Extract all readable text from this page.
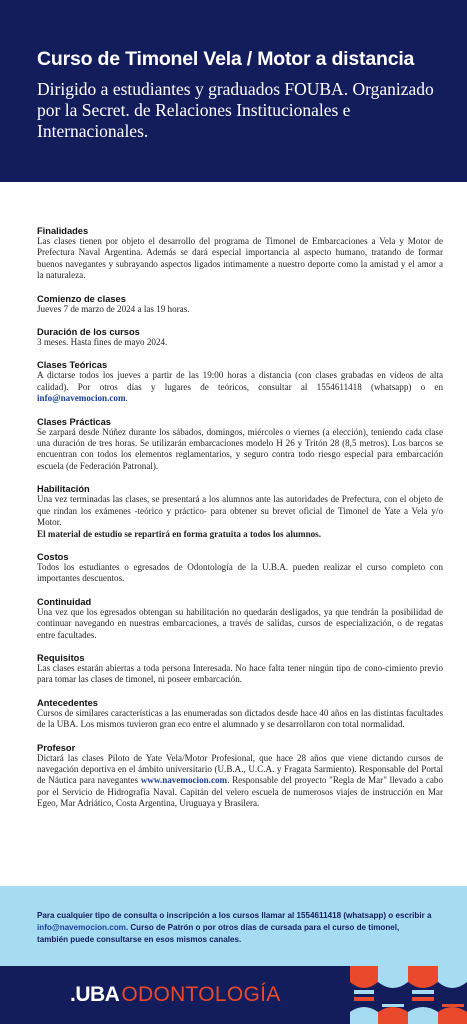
Curso de Timonel Vela / Motor a distancia

Dirigido a estudiantes y graduados FOUBA. Organizado por la Secret. de Relaciones Institucionales e Internacionales.

Finalidades

Las clases tienen por objeto el desarrollo del programa de Timonel de Embarcaciones a Vela y Motor de Prefectura Naval Argentina. Además se dará especial importancia al aspecto humano, tratando de formar buenos navegantes y subrayando aspectos ligados intimamente a nuestro deporte como la amistad y el amor a la naturaleza.

Comienzo de clases

Jueves 7 de marzo de 2024 a las 19 horas.

Duración de los cursos

3 meses. Hasta fines de mayo 2024.

Clases Teóricas

A dictarse todos los jueves a partir de las 19:00 horas a distancia (con clases grabadas en videos de alta calidad). Por otros días y lugares de teóricos, consultar al 1554611418 (whatsapp) o en info@navemocion.com.

Clases Prácticas

Se zarpará desde Núñez durante los sábados, domingos, miércoles o viernes (a elección), teniendo cada clase una duración de tres horas. Se utilizarán embarcaciones modelo H 26 y Tritón 28 (8,5 metros). Los barcos se encuentran con todos los elementos reglamentarios, y seguro contra todo riesgo especial para embarcación escuela (de Federación Patronal).

Habilitación

Una vez terminadas las clases, se presentará a los alumnos ante las autoridades de Prefectura, con el objeto de que rindan los exámenes -teórico y práctico- para obtener su brevet oficial de Timonel de Yate a Vela y/o Motor.

El material de estudio se repartirá en forma gratuita a todos los alumnos.

Costos

Todos los estudiantes o egresados de Odontología de la U.B.A. pueden realizar el curso completo con importantes descuentos.

Continuidad

Una vez que los egresados obtengan su habilitación no quedarán desligados, ya que tendrán la posibilidad de continuar navegando en nuestras embarcaciones, a través de salidas, cursos de especialización, o de regatas entre facultades.

Requisitos

Las clases estarán abiertas a toda persona Interesada. No hace falta tener ningún tipo de cono-cimiento previo para tomar las clases de timonel, ni poseer embarcación.

Antecedentes

Cursos de similares características a las enumeradas son dictados desde hace 40 años en las distintas facultades de la UBA. Los mismos tuvieron gran eco entre el alumnado y se desarrollaron con total normalidad.

Profesor

Dictará las clases Piloto de Yate Vela/Motor Profesional, que hace 28 años que viene dictando cursos de navegación deportiva en el ámbito universitario (U.B.A., U.C.A. y Fragata Sarmiento). Responsable del Portal de Náutica para navegantes www.navemocion.com. Responsable del proyecto "Regla de Mar" llevado a cabo por el Servicio de Hidrografía Naval. Capitán del velero escuela de numerosos viajes de instrucción en Mar Egeo, Mar Adriático, Costa Argentina, Uruguaya y Brasilera.

Para cualquier tipo de consulta o inscripción a los cursos llamar al 1554611418 (whatsapp) o escribir a info@navemocion.com. Curso de Patrón o por otros días de cursada para el curso de timonel, también puede consultarse en esos mismos canales.

.UBAODONTOLOGÍA
